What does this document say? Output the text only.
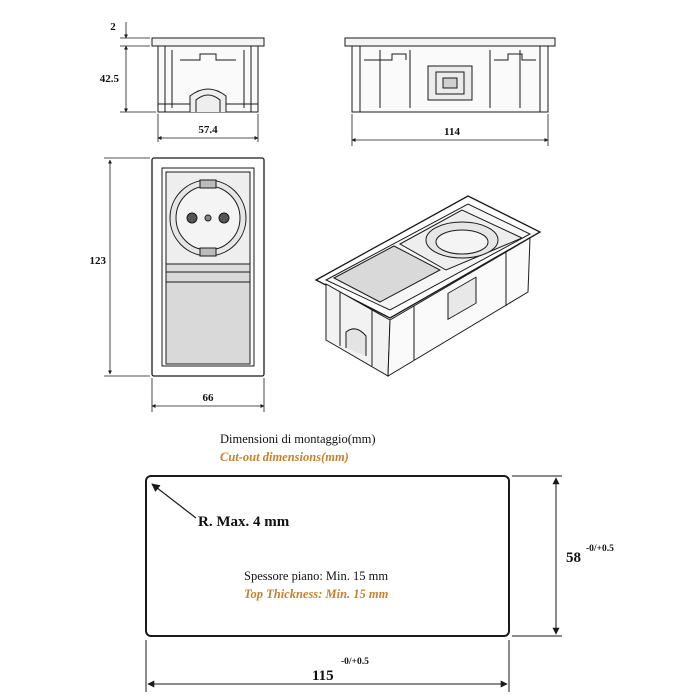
2
42.5
57.4	114
123
66
Dimensioni di montaggio(mm)
Cut-out dimensions(mm)
R. Max. 4 mm
Spessore piano: Min. 15 mm
Top Thickness: Min. 15 mm
58
-0/+0.5
115
-0/+0.5
